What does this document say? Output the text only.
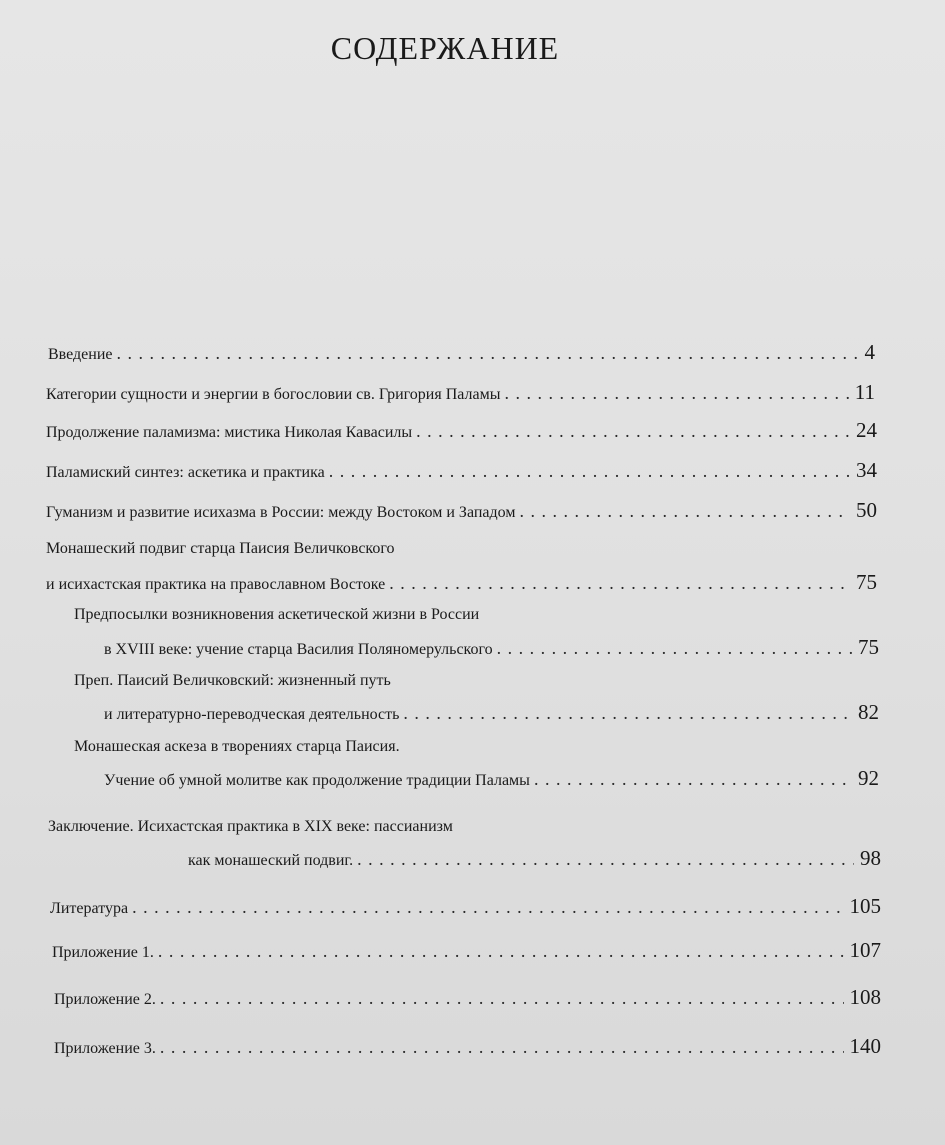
СОДЕРЖАНИЕ
Введение . . .	4
Категории сущности и энергии в богословии св. Григория Паламы . . .	11
Продолжение паламизма: мистика Николая Кавасилы . . .	24
Паламиский синтез: аскетика и практика . . .	34
Гуманизм и развитие исихазма в России: между Востоком и Западом . . .	50
Монашеский подвиг старца Паисия Величковского
и исихастская практика на православном Востоке . . .	75
Предпосылки возникновения аскетической жизни в России
в XVIII веке: учение старца Василия Поляномерульского . . .	75
Преп. Паисий Величковский: жизненный путь
и литературно-переводческая деятельность . . .	82
Монашеская аскеза в творениях старца Паисия.
Учение об умной молитве как продолжение традиции Паламы . . .	92
Заключение. Исихастская практика в XIX веке: пассианизм
как монашеский подвиг. . . .	98
Литература . . .	105
Приложение 1. . . .	107
Приложение 2. . . .	108
Приложение 3. . . .	140
